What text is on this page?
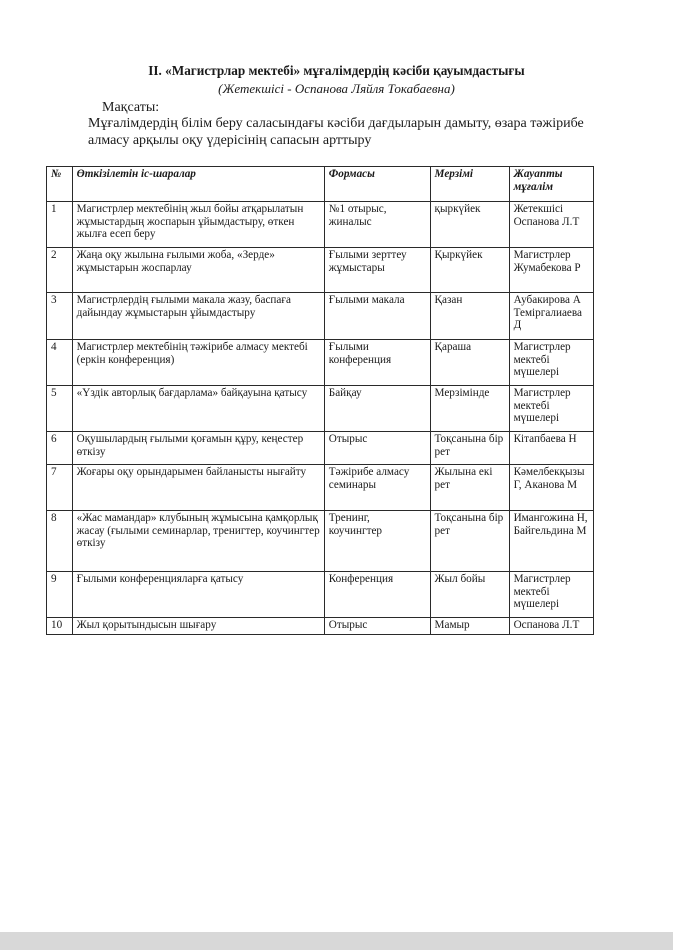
II. «Магистрлар мектебі» мұғалімдердің кәсіби қауымдастығы
(Жетекшісі - Оспанова Ляйля Токабаевна)
Мақсаты:
Мұғалімдердің білім беру саласындағы кәсіби дағдыларын дамыту, өзара тәжірибе алмасу арқылы оқу үдерісінің сапасын арттыру
№	Өткізілетін іс-шаралар	Формасы	Мерзімі	Жауапты мұғалім
1	Магистрлер мектебінің жыл бойы атқарылатын жұмыстардың жоспарын ұйымдастыру, өткен жылға есеп беру	№1 отырыс, жиналыс	қыркүйек	Жетекшісі Оспанова Л.Т
2	Жаңа оқу жылына ғылыми жоба, «Зерде» жұмыстарын жоспарлау	Ғылыми зерттеу жұмыстары	Қыркүйек	Магистрлер Жумабекова Р
3	Магистрлердің ғылыми макала жазу, баспаға дайындау жұмыстарын ұйымдастыру	Ғылыми макала	Қазан	Аубакирова А Теміргалиаева Д
4	Магистрлер мектебінің тәжірибе алмасу мектебі (еркін конференция)	Ғылыми конференция	Қараша	Магистрлер мектебі мүшелері
5	«Үздік авторлық бағдарлама» байқауына қатысу	Байқау	Мерзімінде	Магистрлер мектебі мүшелері
6	Оқушылардың ғылыми қоғамын құру, кеңестер өткізу	Отырыс	Тоқсанына бір рет	Кітапбаева Н
7	Жоғары оқу орындарымен байланысты нығайту	Тәжірибе алмасу семинары	Жылына екі рет	Кәмелбекқызы Г, Аканова М
8	«Жас мамандар» клубының жұмысына қамқорлық жасау (ғылыми семинарлар, тренигтер, коучингтер өткізу	Тренинг, коучингтер	Тоқсанына бір рет	Имангожина Н, Байгельдина М
9	Ғылыми конференцияларға қатысу	Конференция	Жыл бойы	Магистрлер мектебі мүшелері
10	Жыл қорытындысын шығару	Отырыс	Мамыр	Оспанова Л.Т
